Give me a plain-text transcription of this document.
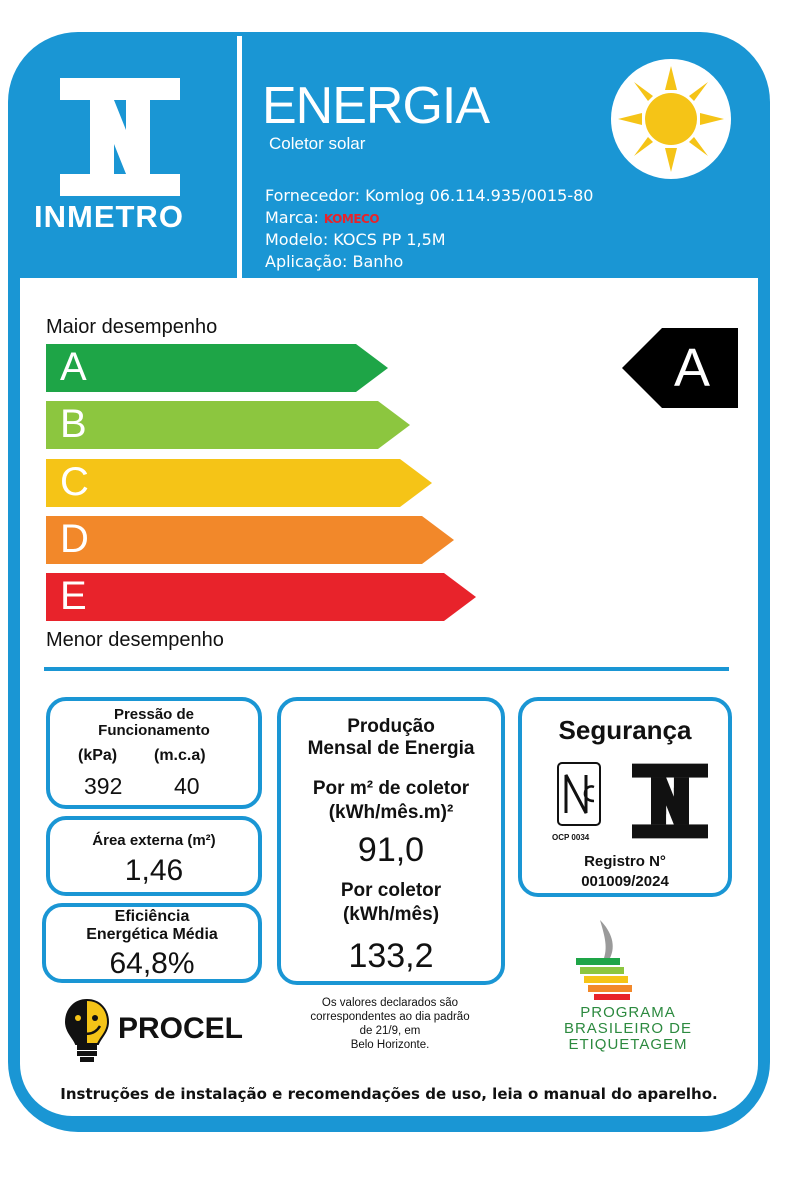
INMETRO
ENERGIA
Coletor solar
Fornecedor: Komlog 06.114.935/0015-80
Marca: KOMECO
Modelo: KOCS PP 1,5M
Aplicação: Banho
Maior desempenho
A
B
C
D
E
Menor desempenho
A
Pressão de
Funcionamento
(kPa) (m.c.a)
392 40
Área externa (m²)
1,46
Eficiência
Energética Média
64,8%
Produção
Mensal de Energia
Por m² de coletor
(kWh/mês.m)²
91,0
Por coletor
(kWh/mês)
133,2
Segurança
OCP 0034
Registro N°
001009/2024
PROGRAMA
BRASILEIRO DE
ETIQUETAGEM
Os valores declarados são
correspondentes ao dia padrão
de 21/9, em
Belo Horizonte.
PROCEL
Instruções de instalação e recomendações de uso, leia o manual do aparelho.
